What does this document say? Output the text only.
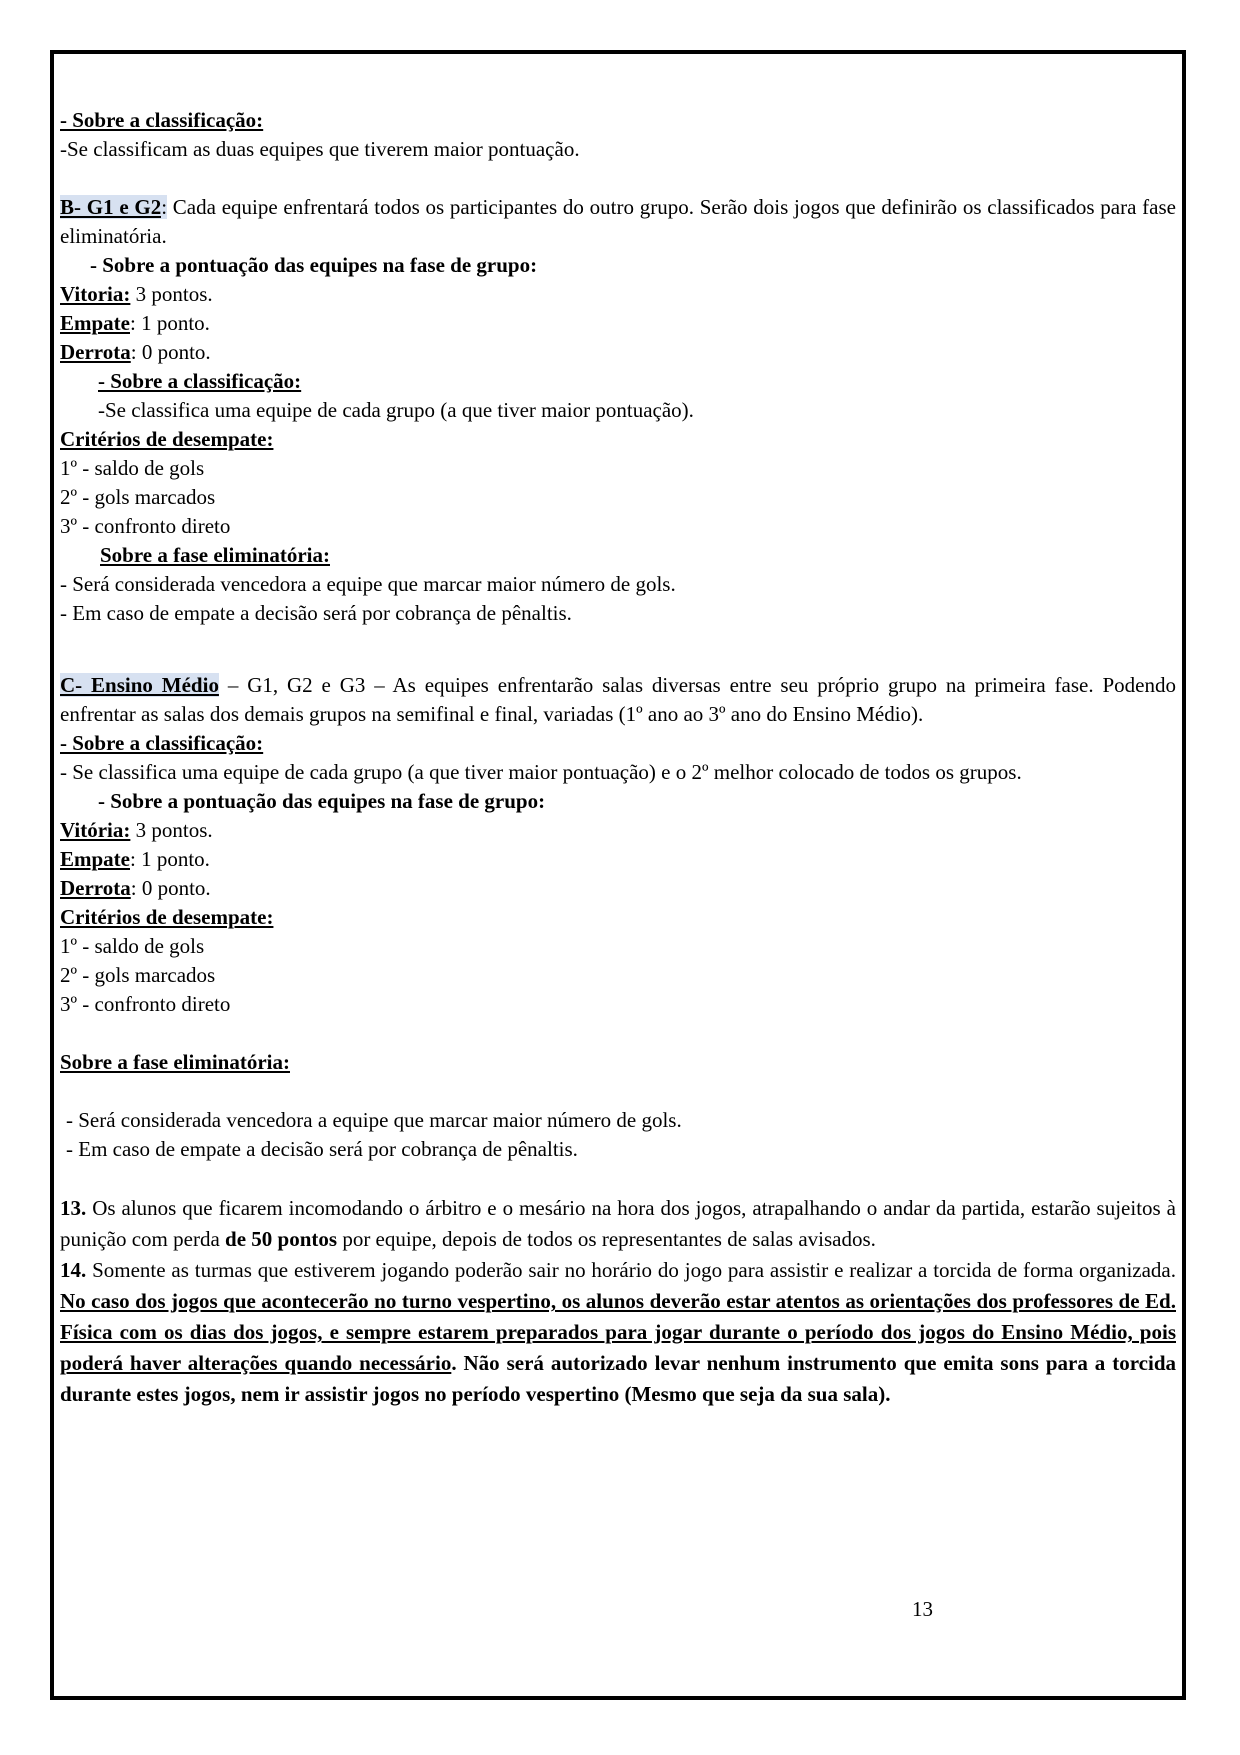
- Sobre a classificação:

-Se classificam as duas equipes que tiverem maior pontuação.

B- G1 e G2: Cada equipe enfrentará todos os participantes do outro grupo. Serão dois jogos que definirão os classificados para fase eliminatória.

- Sobre a pontuação das equipes na fase de grupo:

Vitoria: 3 pontos.

Empate: 1 ponto.

Derrota: 0 ponto.

- Sobre a classificação:

-Se classifica uma equipe de cada grupo (a que tiver maior pontuação).

Critérios de desempate:

1º - saldo de gols

2º - gols marcados

3º - confronto direto

Sobre a fase eliminatória:

- Será considerada vencedora a equipe que marcar maior número de gols.

- Em caso de empate a decisão será por cobrança de pênaltis.

C- Ensino Médio – G1, G2 e G3 – As equipes enfrentarão salas diversas entre seu próprio grupo na primeira fase. Podendo enfrentar as salas dos demais grupos na semifinal e final, variadas (1º ano ao 3º ano do Ensino Médio).

- Sobre a classificação:

- Se classifica uma equipe de cada grupo (a que tiver maior pontuação) e o 2º melhor colocado de todos os grupos.

- Sobre a pontuação das equipes na fase de grupo:

Vitória: 3 pontos.

Empate: 1 ponto.

Derrota: 0 ponto.

Critérios de desempate:

1º - saldo de gols

2º - gols marcados

3º - confronto direto

Sobre a fase eliminatória:

- Será considerada vencedora a equipe que marcar maior número de gols.

- Em caso de empate a decisão será por cobrança de pênaltis.

13. Os alunos que ficarem incomodando o árbitro e o mesário na hora dos jogos, atrapalhando o andar da partida, estarão sujeitos à punição com perda de 50 pontos por equipe, depois de todos os representantes de salas avisados.

14. Somente as turmas que estiverem jogando poderão sair no horário do jogo para assistir e realizar a torcida de forma organizada. No caso dos jogos que acontecerão no turno vespertino, os alunos deverão estar atentos as orientações dos professores de Ed. Física com os dias dos jogos, e sempre estarem preparados para jogar durante o período dos jogos do Ensino Médio, pois poderá haver alterações quando necessário. Não será autorizado levar nenhum instrumento que emita sons para a torcida durante estes jogos, nem ir assistir jogos no período vespertino (Mesmo que seja da sua sala).

13
